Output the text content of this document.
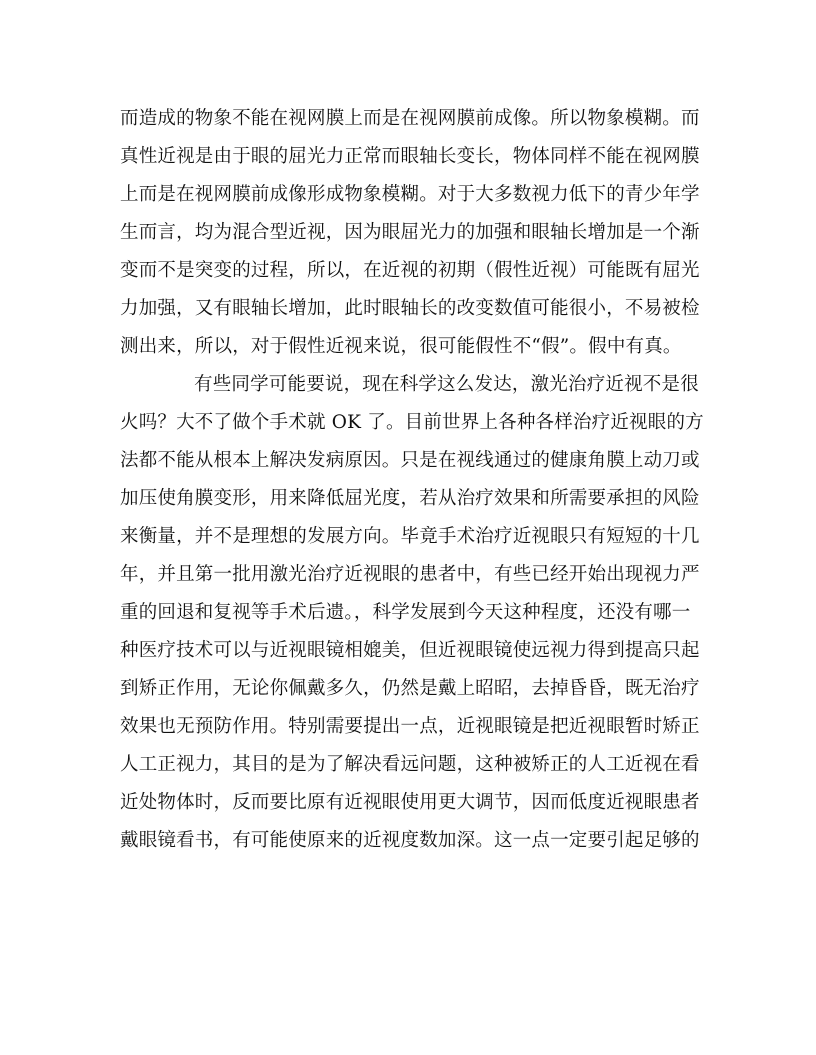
而造成的物象不能在视网膜上而是在视网膜前成像。所以物象模糊。而
真性近视是由于眼的屈光力正常而眼轴长变长，物体同样不能在视网膜
上而是在视网膜前成像形成物象模糊。对于大多数视力低下的青少年学
生而言，均为混合型近视，因为眼屈光力的加强和眼轴长增加是一个渐
变而不是突变的过程，所以，在近视的初期（假性近视）可能既有屈光
力加强，又有眼轴长增加，此时眼轴长的改变数值可能很小，不易被检
测出来，所以，对于假性近视来说，很可能假性不“假”。假中有真。
有些同学可能要说，现在科学这么发达，激光治疗近视不是很
火吗？大不了做个手术就 OK 了。目前世界上各种各样治疗近视眼的方
法都不能从根本上解决发病原因。只是在视线通过的健康角膜上动刀或
加压使角膜变形，用来降低屈光度，若从治疗效果和所需要承担的风险
来衡量，并不是理想的发展方向。毕竟手术治疗近视眼只有短短的十几
年，并且第一批用激光治疗近视眼的患者中，有些已经开始出现视力严
重的回退和复视等手术后遗。，科学发展到今天这种程度，还没有哪一
种医疗技术可以与近视眼镜相媲美，但近视眼镜使远视力得到提高只起
到矫正作用，无论你佩戴多久，仍然是戴上昭昭，去掉昏昏，既无治疗
效果也无预防作用。特别需要提出一点，近视眼镜是把近视眼暂时矫正
人工正视力，其目的是为了解决看远问题，这种被矫正的人工近视在看
近处物体时，反而要比原有近视眼使用更大调节，因而低度近视眼患者
戴眼镜看书，有可能使原来的近视度数加深。这一点一定要引起足够的
